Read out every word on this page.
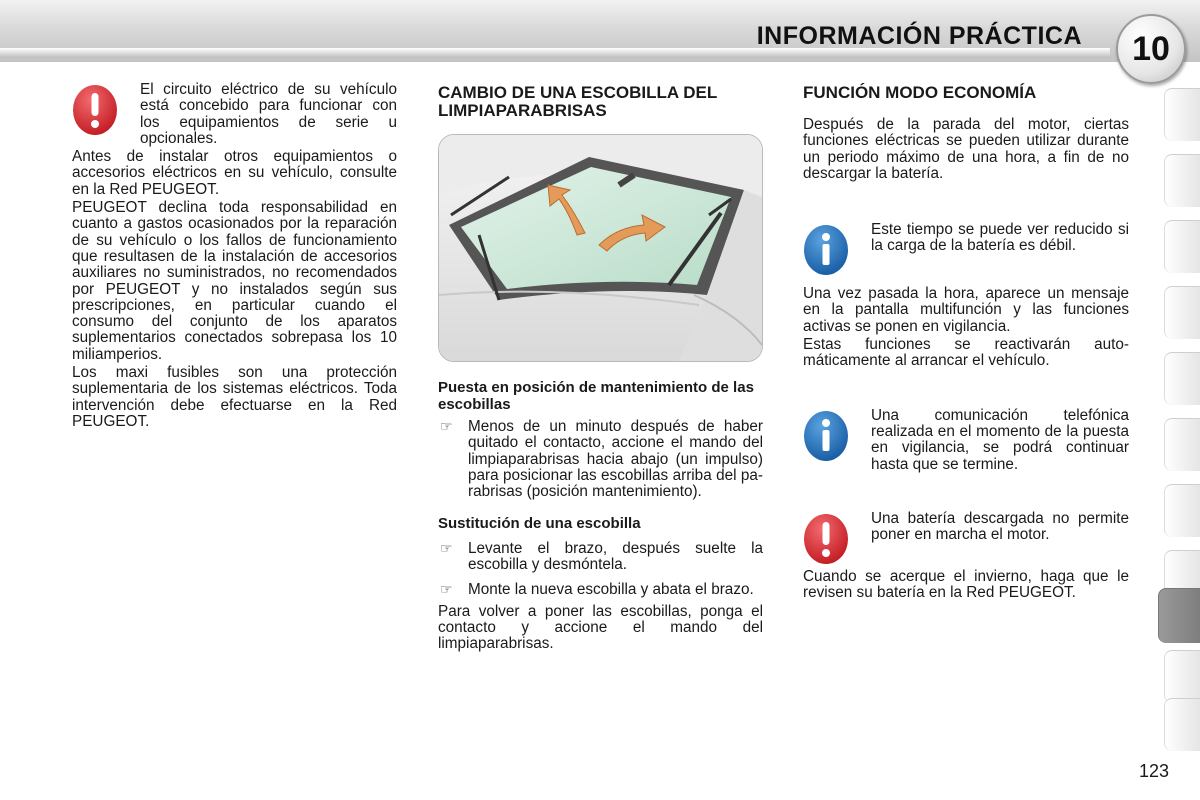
INFORMACIÓN PRÁCTICA	10

El circuito eléctrico de su vehículo está concebido para funcionar con los equipamientos de serie u opcionales.

Antes de instalar otros equipamientos o accesorios eléctricos en su vehículo, consulte en la Red PEUGEOT.

PEUGEOT declina toda responsabilidad en cuanto a gastos ocasionados por la reparación de su vehículo o los fallos de funcionamiento que resultasen de la instalación de accesorios auxiliares no suministrados, no recomendados por PEUGEOT y no instalados según sus prescripciones, en particular cuando el consumo del conjunto de los aparatos suplementarios conectados sobrepasa los 10 miliamperios.

Los maxi fusibles son una protección suplementaria de los sistemas eléctricos. Toda intervención debe efectuarse en la Red PEUGEOT.

CAMBIO DE UNA ESCOBILLA DEL LIMPIAPARABRISAS
Puesta en posición de mantenimiento de las escobillas

☞ Menos de un minuto después de haber quitado el contacto, accione el mando del limpiaparabrisas hacia abajo (un impulso) para posicionar las escobillas arriba del parabrisas (posición mantenimiento).

Sustitución de una escobilla

☞ Levante el brazo, después suelte la escobilla y desmóntela.

☞ Monte la nueva escobilla y abata el brazo.

Para volver a poner las escobillas, ponga el contacto y accione el mando del limpiaparabrisas.

FUNCIÓN MODO ECONOMÍA

Después de la parada del motor, ciertas funciones eléctricas se pueden utilizar durante un periodo máximo de una hora, a fin de no descargar la batería.

Este tiempo se puede ver reducido si la carga de la batería es débil.

Una vez pasada la hora, aparece un mensaje en la pantalla multifunción y las funciones activas se ponen en vigilancia.

Estas funciones se reactivarán automáticamente al arrancar el vehículo.

Una comunicación telefónica realizada en el momento de la puesta en vigilancia, se podrá continuar hasta que se termine.

Una batería descargada no permite poner en marcha el motor.

Cuando se acerque el invierno, haga que le revisen su batería en la Red PEUGEOT.

123
